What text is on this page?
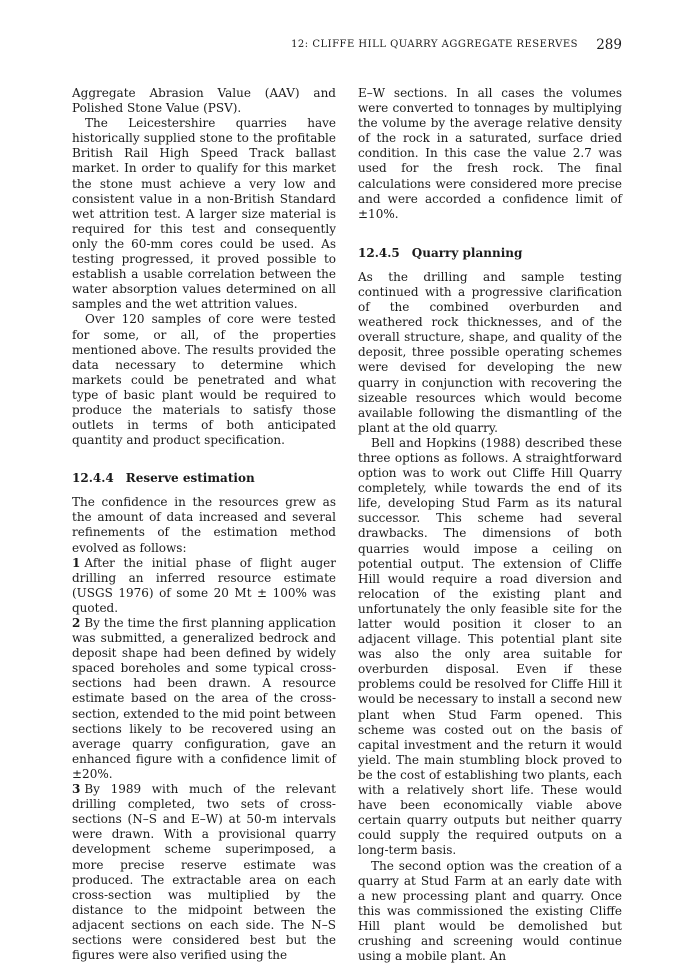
12: CLIFFE HILL QUARRY AGGREGATE RESERVES 289

Aggregate Abrasion Value (AAV) and Polished Stone Value (PSV).

The Leicestershire quarries have historically supplied stone to the profitable British Rail High Speed Track ballast market. In order to qualify for this market the stone must achieve a very low and consistent value in a non-British Standard wet attrition test. A larger size material is required for this test and consequently only the 60-mm cores could be used. As testing progressed, it proved possible to establish a usable correlation between the water absorption values determined on all samples and the wet attrition values.

Over 120 samples of core were tested for some, or all, of the properties mentioned above. The results provided the data necessary to determine which markets could be penetrated and what type of basic plant would be required to produce the materials to satisfy those outlets in terms of both anticipated quantity and product specification.

12.4.4 Reserve estimation

The confidence in the resources grew as the amount of data increased and several refinements of the estimation method evolved as follows:

1 After the initial phase of flight auger drilling an inferred resource estimate (USGS 1976) of some 20 Mt ± 100% was quoted.

2 By the time the first planning application was submitted, a generalized bedrock and deposit shape had been defined by widely spaced boreholes and some typical cross-sections had been drawn. A resource estimate based on the area of the cross-section, extended to the mid point between sections likely to be recovered using an average quarry configuration, gave an enhanced figure with a confidence limit of ±20%.

3 By 1989 with much of the relevant drilling completed, two sets of cross-sections (N–S and E–W) at 50-m intervals were drawn. With a provisional quarry development scheme superimposed, a more precise reserve estimate was produced. The extractable area on each cross-section was multiplied by the distance to the midpoint between the adjacent sections on each side. The N–S sections were considered best but the figures were also verified using the

E–W sections. In all cases the volumes were converted to tonnages by multiplying the volume by the average relative density of the rock in a saturated, surface dried condition. In this case the value 2.7 was used for the fresh rock. The final calculations were considered more precise and were accorded a confidence limit of ±10%.

12.4.5 Quarry planning

As the drilling and sample testing continued with a progressive clarification of the combined overburden and weathered rock thicknesses, and of the overall structure, shape, and quality of the deposit, three possible operating schemes were devised for developing the new quarry in conjunction with recovering the sizeable resources which would become available following the dismantling of the plant at the old quarry.

Bell and Hopkins (1988) described these three options as follows. A straightforward option was to work out Cliffe Hill Quarry completely, while towards the end of its life, developing Stud Farm as its natural successor. This scheme had several drawbacks. The dimensions of both quarries would impose a ceiling on potential output. The extension of Cliffe Hill would require a road diversion and relocation of the existing plant and unfortunately the only feasible site for the latter would position it closer to an adjacent village. This potential plant site was also the only area suitable for overburden disposal. Even if these problems could be resolved for Cliffe Hill it would be necessary to install a second new plant when Stud Farm opened. This scheme was costed out on the basis of capital investment and the return it would yield. The main stumbling block proved to be the cost of establishing two plants, each with a relatively short life. These would have been economically viable above certain quarry outputs but neither quarry could supply the required outputs on a long-term basis.

The second option was the creation of a quarry at Stud Farm at an early date with a new processing plant and quarry. Once this was commissioned the existing Cliffe Hill plant would be demolished but crushing and screening would continue using a mobile plant. An
